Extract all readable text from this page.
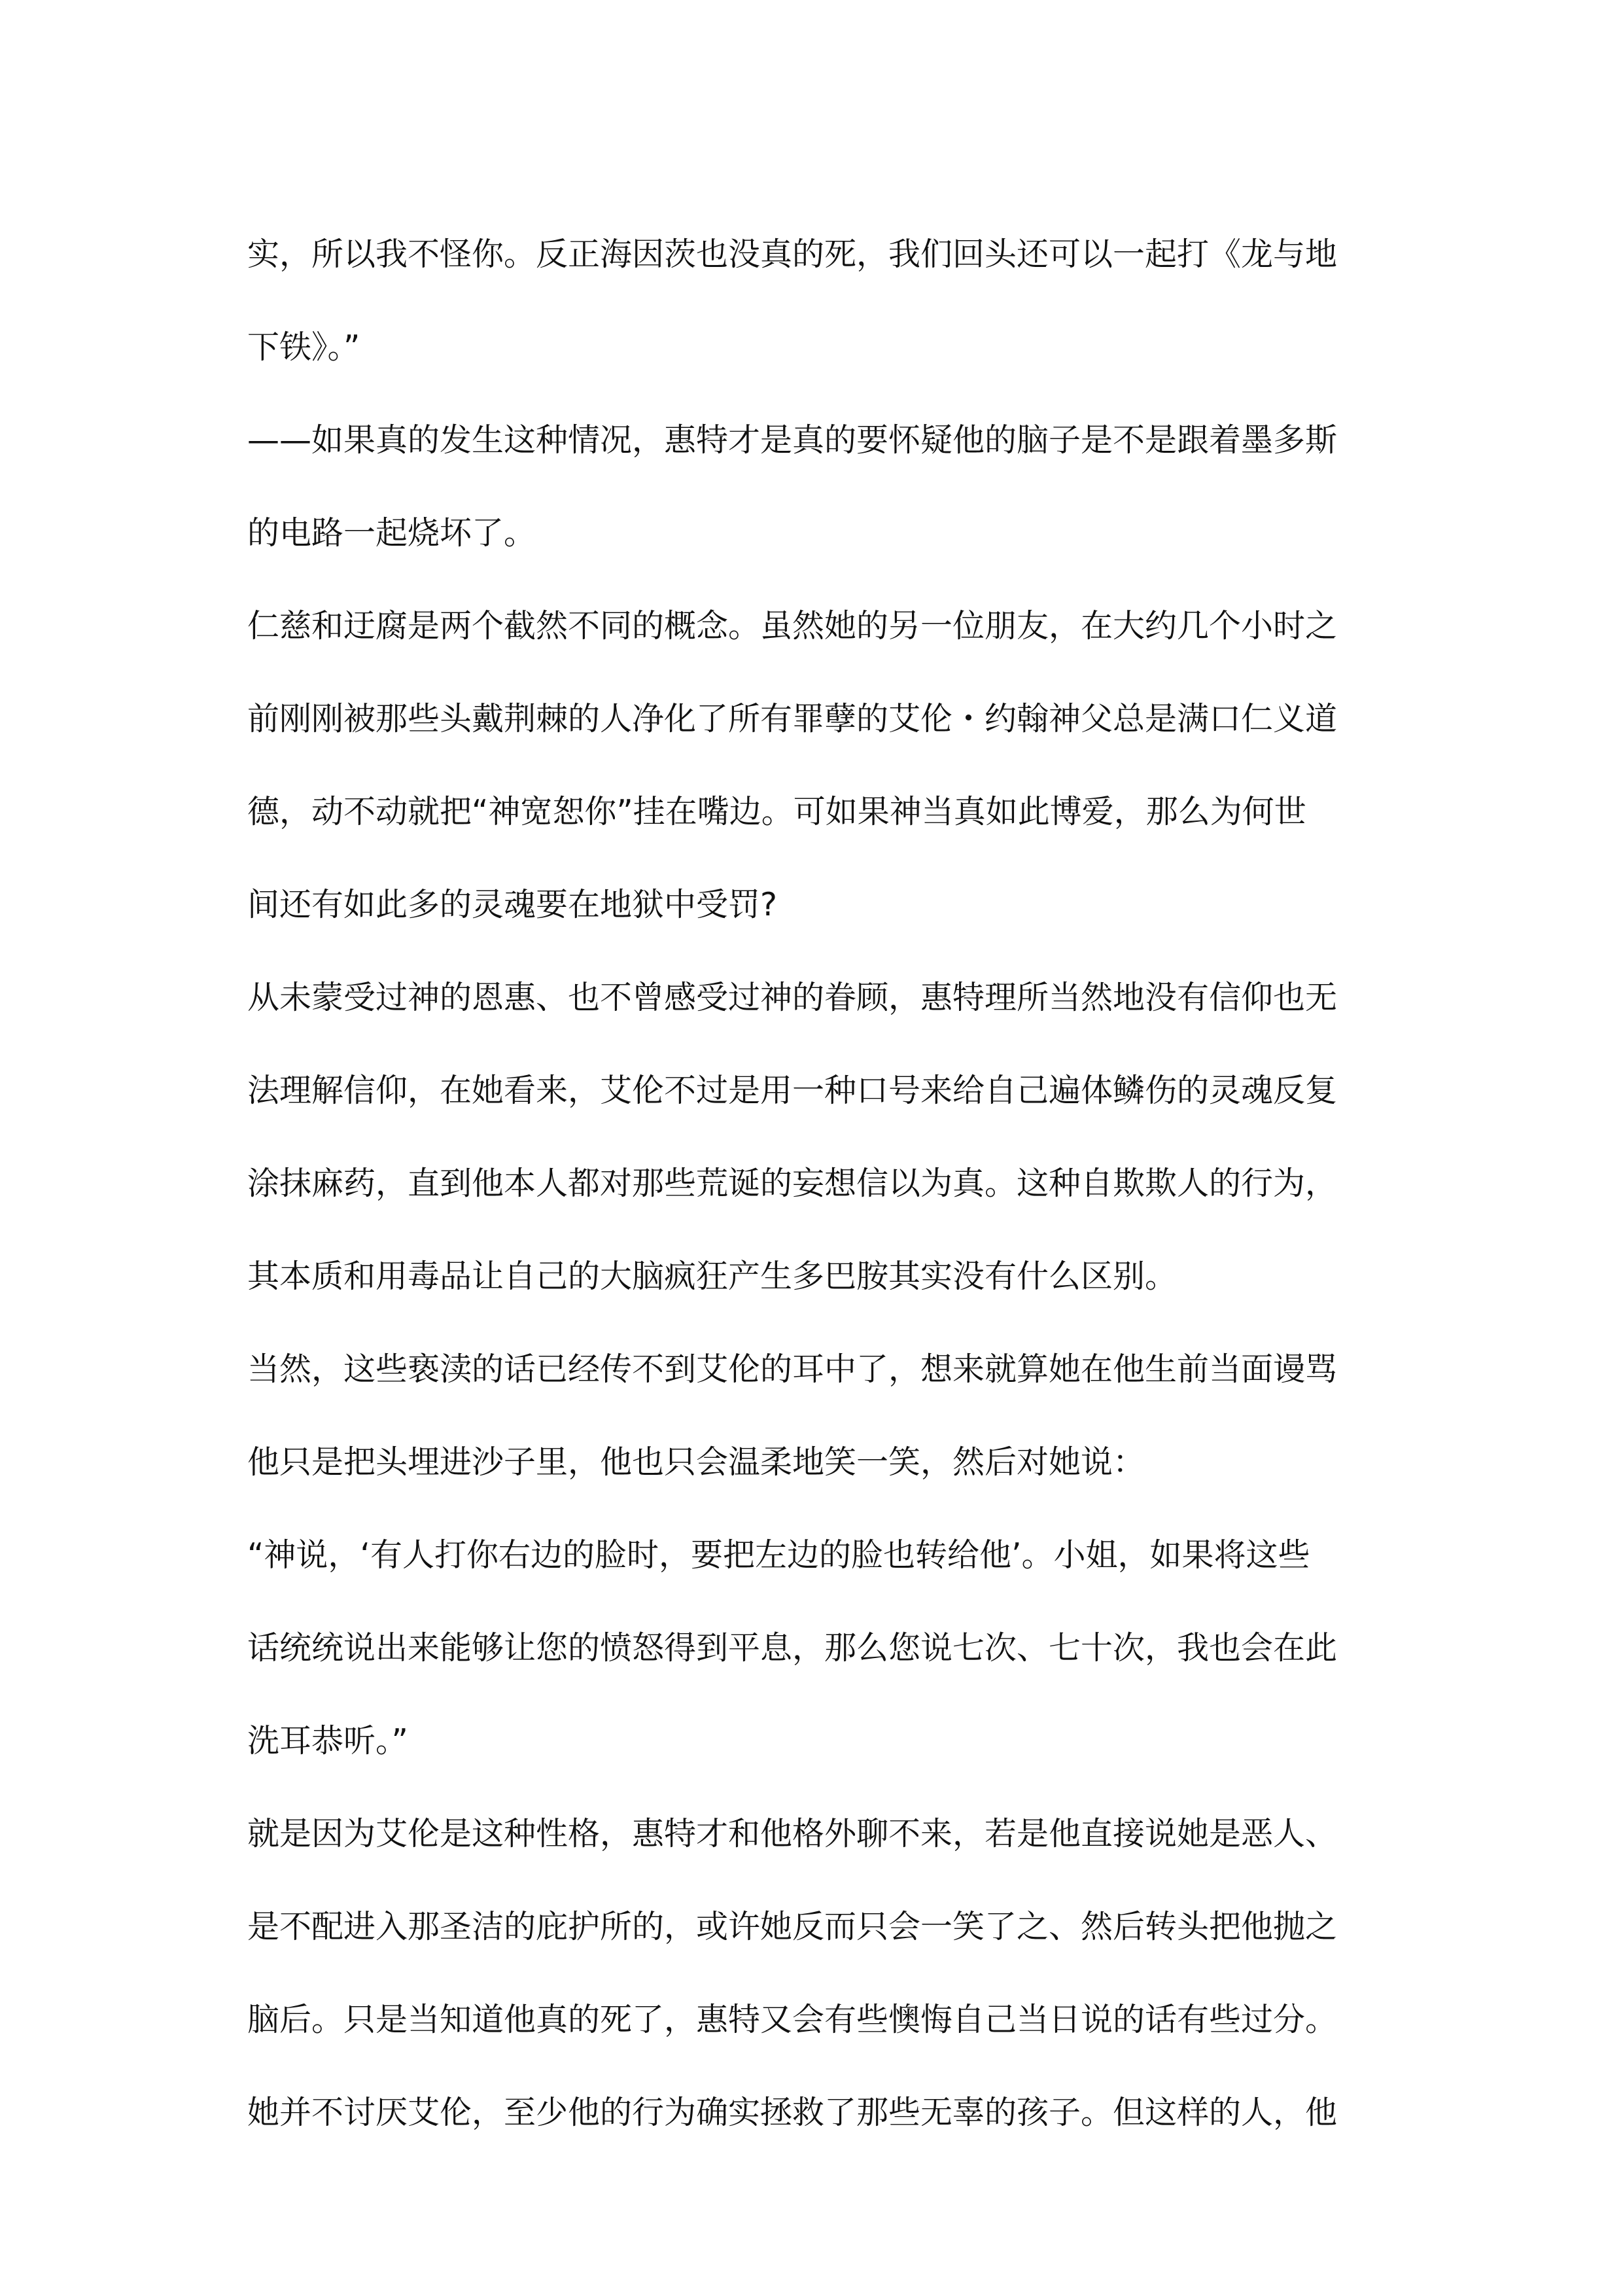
实，所以我不怪你。反正海因茨也没真的死，我们回头还可以一起打《龙与地
下铁》。”
——如果真的发生这种情况，惠特才是真的要怀疑他的脑子是不是跟着墨多斯
的电路一起烧坏了。
仁慈和迂腐是两个截然不同的概念。虽然她的另一位朋友，在大约几个小时之
前刚刚被那些头戴荆棘的人净化了所有罪孽的艾伦・约翰神父总是满口仁义道
德，动不动就把“神宽恕你”挂在嘴边。可如果神当真如此博爱，那么为何世
间还有如此多的灵魂要在地狱中受罚?
从未蒙受过神的恩惠、也不曾感受过神的眷顾，惠特理所当然地没有信仰也无
法理解信仰，在她看来，艾伦不过是用一种口号来给自己遍体鳞伤的灵魂反复
涂抹麻药，直到他本人都对那些荒诞的妄想信以为真。这种自欺欺人的行为，
其本质和用毒品让自己的大脑疯狂产生多巴胺其实没有什么区别。
当然，这些亵渎的话已经传不到艾伦的耳中了，想来就算她在他生前当面谩骂
他只是把头埋进沙子里，他也只会温柔地笑一笑，然后对她说：
“神说，‘有人打你右边的脸时，要把左边的脸也转给他’。小姐，如果将这些
话统统说出来能够让您的愤怒得到平息，那么您说七次、七十次，我也会在此
洗耳恭听。”
就是因为艾伦是这种性格，惠特才和他格外聊不来，若是他直接说她是恶人、
是不配进入那圣洁的庇护所的，或许她反而只会一笑了之、然后转头把他抛之
脑后。只是当知道他真的死了，惠特又会有些懊悔自己当日说的话有些过分。
她并不讨厌艾伦，至少他的行为确实拯救了那些无辜的孩子。但这样的人，他
